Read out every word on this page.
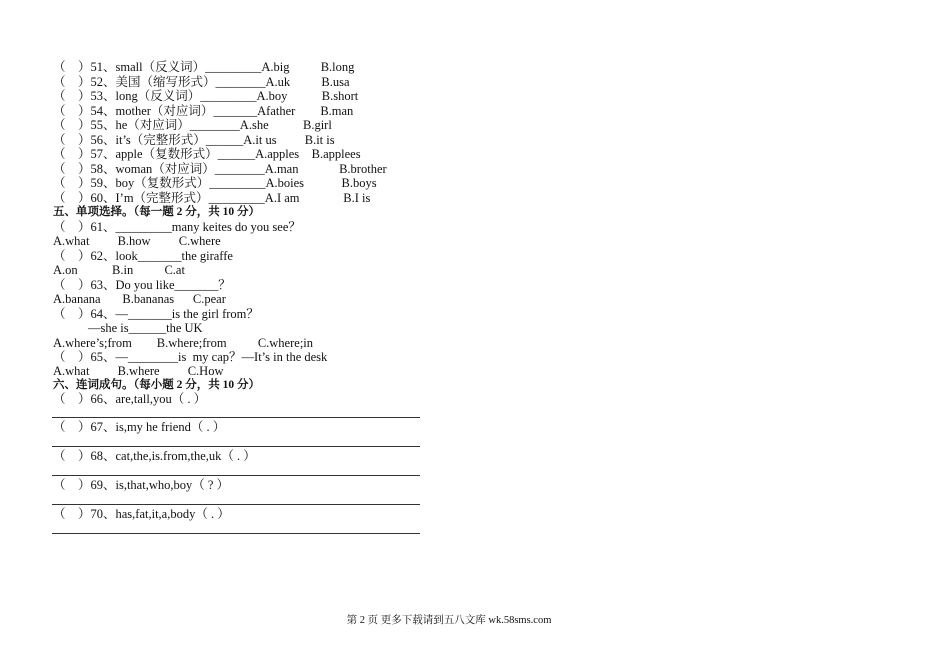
（　）51、small（反义词）_________A.big          B.long
（　）52、美国（缩写形式）________A.uk          B.usa
（　）53、long（反义词）_________A.boy           B.short
（　）54、mother（对应词）_______Afather        B.man
（　）55、he（对应词）________A.she           B.girl
（　）56、it’s（完整形式）______A.it us         B.it is
（　）57、apple（复数形式）______A.apples    B.applees
（　）58、woman（对应词）________A.man             B.brother
（　）59、boy（复数形式）_________A.boies            B.boys
（　）60、I’m（完整形式）_________A.I am              B.I is
五、单项选择。（每一题 2 分，共 10 分）
（　）61、_________many keites do you see？
A.what         B.how         C.where
（　）62、look_______the giraffe
A.on           B.in          C.at
（　）63、Do you like_______？
A.banana       B.bananas      C.pear
（　）64、—_______is the girl from？
—she is______the UK
A.where’s;from        B.where;from          C.where;in
（　）65、—________is  my cap？—It’s in the desk
A.what         B.where         C.How
六、连词成句。（每小题 2 分，共 10 分）
（　）66、are,tall,you（ . ）
（　）67、is,my he friend（ . ）
（　）68、cat,the,is.from,the,uk（ . ）
（　）69、is,that,who,boy（ ? ）
（　）70、has,fat,it,a,body（ . ）
第 2 页 更多下载请到五八文库 wk.58sms.com
